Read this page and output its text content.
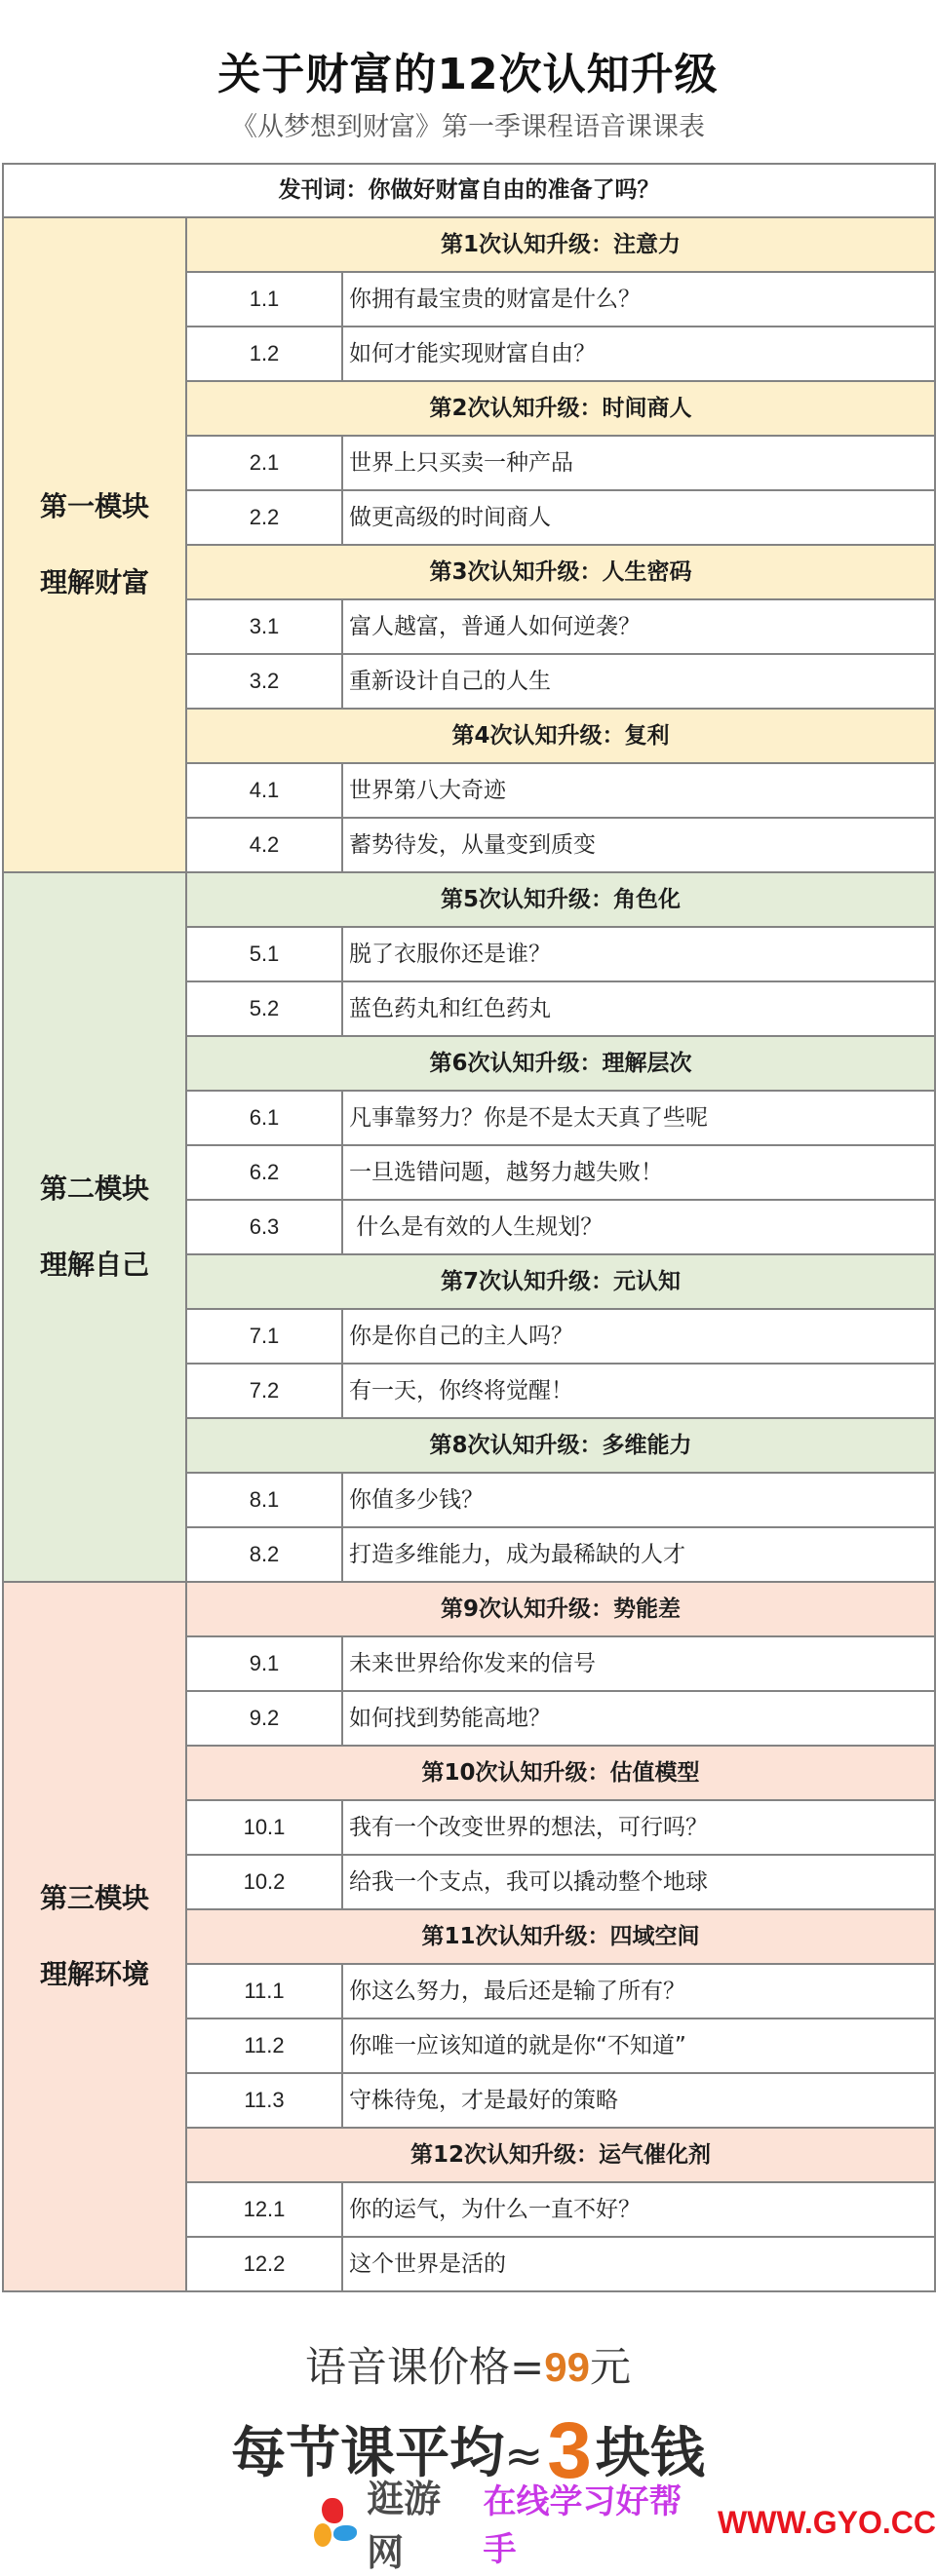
关于财富的12次认知升级
《从梦想到财富》第一季课程语音课课表
发刊词：你做好财富自由的准备了吗？
第一模块
理解财富
第1次认知升级：注意力
1.1	你拥有最宝贵的财富是什么？
1.2	如何才能实现财富自由？
第2次认知升级：时间商人
2.1	世界上只买卖一种产品
2.2	做更高级的时间商人
第3次认知升级：人生密码
3.1	富人越富，普通人如何逆袭？
3.2	重新设计自己的人生
第4次认知升级：复利
4.1	世界第八大奇迹
4.2	蓄势待发，从量变到质变
第二模块
理解自己
第5次认知升级：角色化
5.1	脱了衣服你还是谁？
5.2	蓝色药丸和红色药丸
第6次认知升级：理解层次
6.1	凡事靠努力？你是不是太天真了些呢
6.2	一旦选错问题，越努力越失败！
6.3	什么是有效的人生规划？
第7次认知升级：元认知
7.1	你是你自己的主人吗？
7.2	有一天，你终将觉醒！
第8次认知升级：多维能力
8.1	你值多少钱？
8.2	打造多维能力，成为最稀缺的人才
第三模块
理解环境
第9次认知升级：势能差
9.1	未来世界给你发来的信号
9.2	如何找到势能高地？
第10次认知升级：估值模型
10.1	我有一个改变世界的想法，可行吗？
10.2	给我一个支点，我可以撬动整个地球
第11次认知升级：四域空间
11.1	你这么努力，最后还是输了所有？
11.2	你唯一应该知道的就是你“不知道”
11.3	守株待兔，才是最好的策略
第12次认知升级：运气催化剂
12.1	你的运气，为什么一直不好？
12.2	这个世界是活的
语音课价格=99元
每节课平均≈3块钱
逛游网
在线学习好帮手
WWW.GYO.CC
